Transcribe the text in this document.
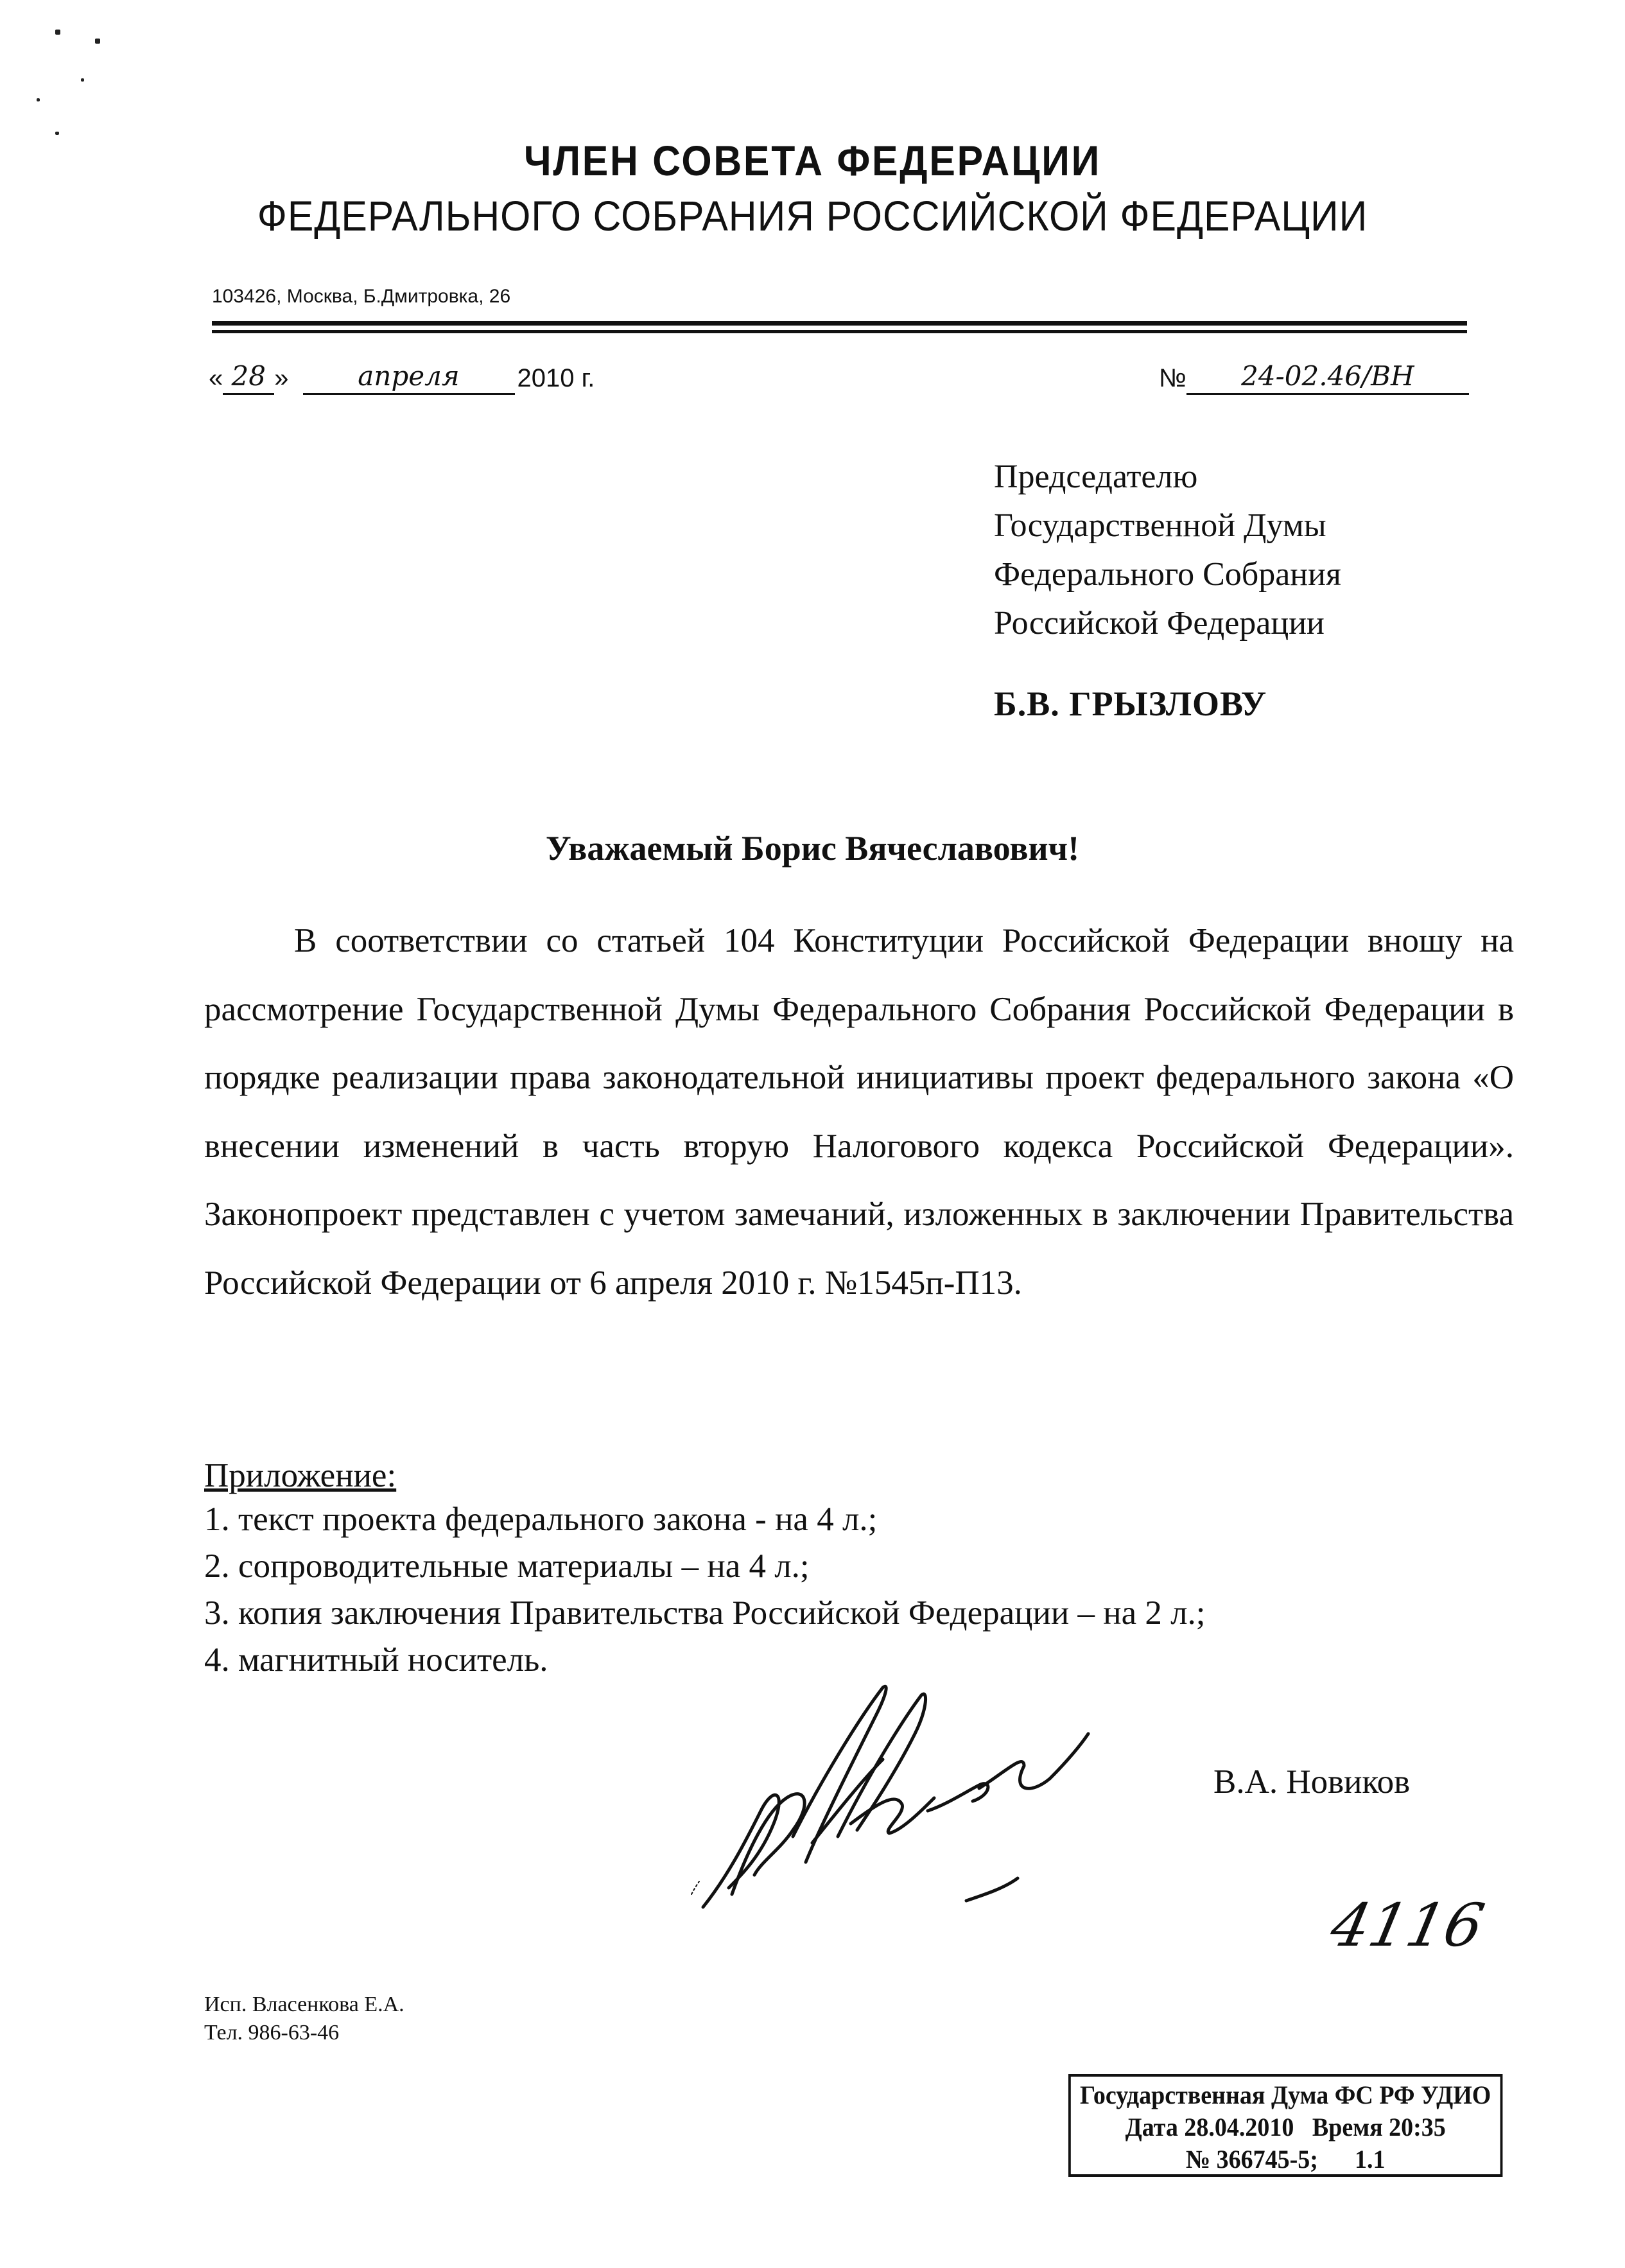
ЧЛЕН СОВЕТА ФЕДЕРАЦИИ
ФЕДЕРАЛЬНОГО СОБРАНИЯ РОССИЙСКОЙ ФЕДЕРАЦИИ
103426, Москва, Б.Дмитровка, 26
« 28 »	апреля	2010 г.	№	24-02.46/ВН
Председателю
Государственной Думы
Федерального Собрания
Российской Федерации
Б.В. ГРЫЗЛОВУ
Уважаемый Борис Вячеславович!
В соответствии со статьей 104 Конституции Российской Федерации вношу на рассмотрение Государственной Думы Федерального Собрания Российской Федерации в порядке реализации права законодательной инициативы проект федерального закона «О внесении изменений в часть вторую Налогового кодекса Российской Федерации». Законопроект представлен с учетом замечаний, изложенных в заключении Правительства Российской Федерации от 6 апреля 2010 г. №1545п-П13.
Приложение:
1. текст проекта федерального закона - на 4 л.;
2. сопроводительные материалы – на 4 л.;
3. копия заключения Правительства Российской Федерации – на 2 л.;
4. магнитный носитель.
В.А. Новиков
4116
Исп. Власенкова Е.А.
Тел. 986-63-46
Государственная Дума ФС РФ УДИО
Дата 28.04.2010   Время 20:35
№ 366745-5;      1.1
